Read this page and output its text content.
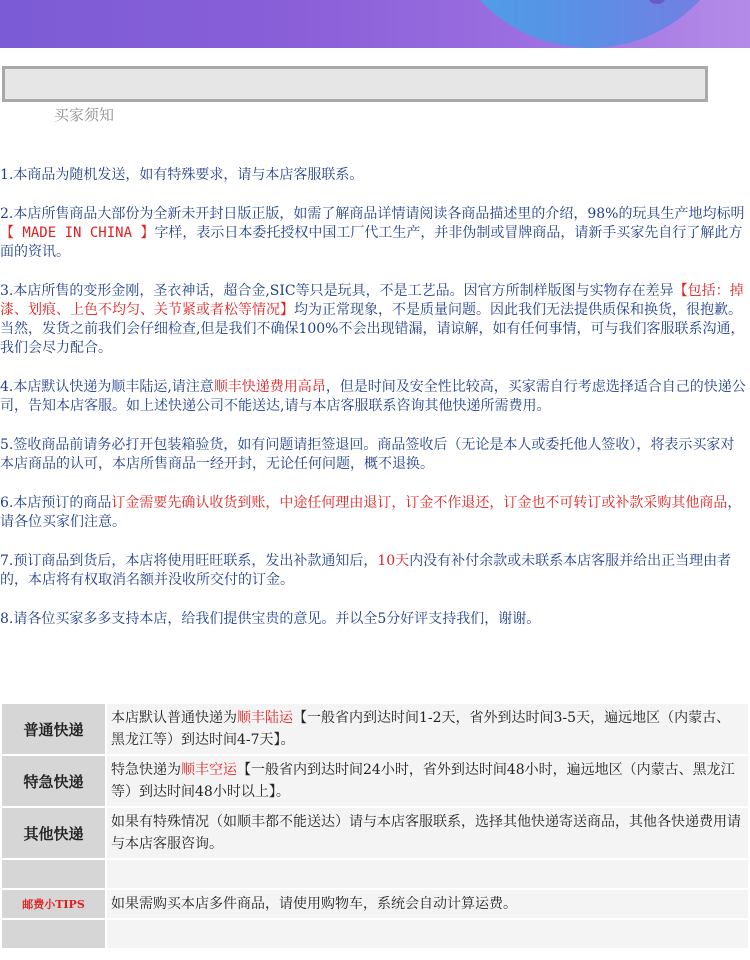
买家须知
1.本商品为随机发送，如有特殊要求，请与本店客服联系。
2.本店所售商品大部份为全新未开封日版正版，如需了解商品详情请阅读各商品描述里的介绍，98%的玩具生产地均标明【 MADE IN CHINA 】字样，表示日本委托授权中国工厂代工生产，并非伪制或冒牌商品，请新手买家先自行了解此方面的资讯。
3.本店所售的变形金刚，圣衣神话，超合金,SIC等只是玩具，不是工艺品。因官方所制样版图与实物存在差异【包括：掉漆、划痕、上色不均匀、关节紧或者松等情况】均为正常现象，不是质量问题。因此我们无法提供质保和换货，很抱歉。当然，发货之前我们会仔细检查,但是我们不确保100%不会出现错漏，请谅解，如有任何事情，可与我们客服联系沟通，我们会尽力配合。
4.本店默认快递为顺丰陆运,请注意顺丰快递费用高昂，但是时间及安全性比较高，买家需自行考虑选择适合自己的快递公司，告知本店客服。如上述快递公司不能送达,请与本店客服联系咨询其他快递所需费用。
5.签收商品前请务必打开包装箱验货，如有问题请拒签退回。商品签收后（无论是本人或委托他人签收），将表示买家对本店商品的认可，本店所售商品一经开封，无论任何问题，概不退换。
6.本店预订的商品订金需要先确认收货到账，中途任何理由退订，订金不作退还，订金也不可转订或补款采购其他商品，请各位买家们注意。
7.预订商品到货后，本店将使用旺旺联系，发出补款通知后，10天内没有补付余款或未联系本店客服并给出正当理由者的，本店将有权取消名额并没收所交付的订金。
8.请各位买家多多支持本店，给我们提供宝贵的意见。并以全5分好评支持我们，谢谢。
普通快递	本店默认普通快递为顺丰陆运【一般省内到达时间1-2天，省外到达时间3-5天，遍远地区（内蒙古、黑龙江等）到达时间4-7天】。
特急快递	特急快递为顺丰空运【一般省内到达时间24小时，省外到达时间48小时，遍远地区（内蒙古、黑龙江等）到达时间48小时以上】。
其他快递	如果有特殊情况（如顺丰都不能送达）请与本店客服联系，选择其他快递寄送商品，其他各快递费用请与本店客服咨询。

邮费小TIPS	如果需购买本店多件商品，请使用购物车，系统会自动计算运费。
